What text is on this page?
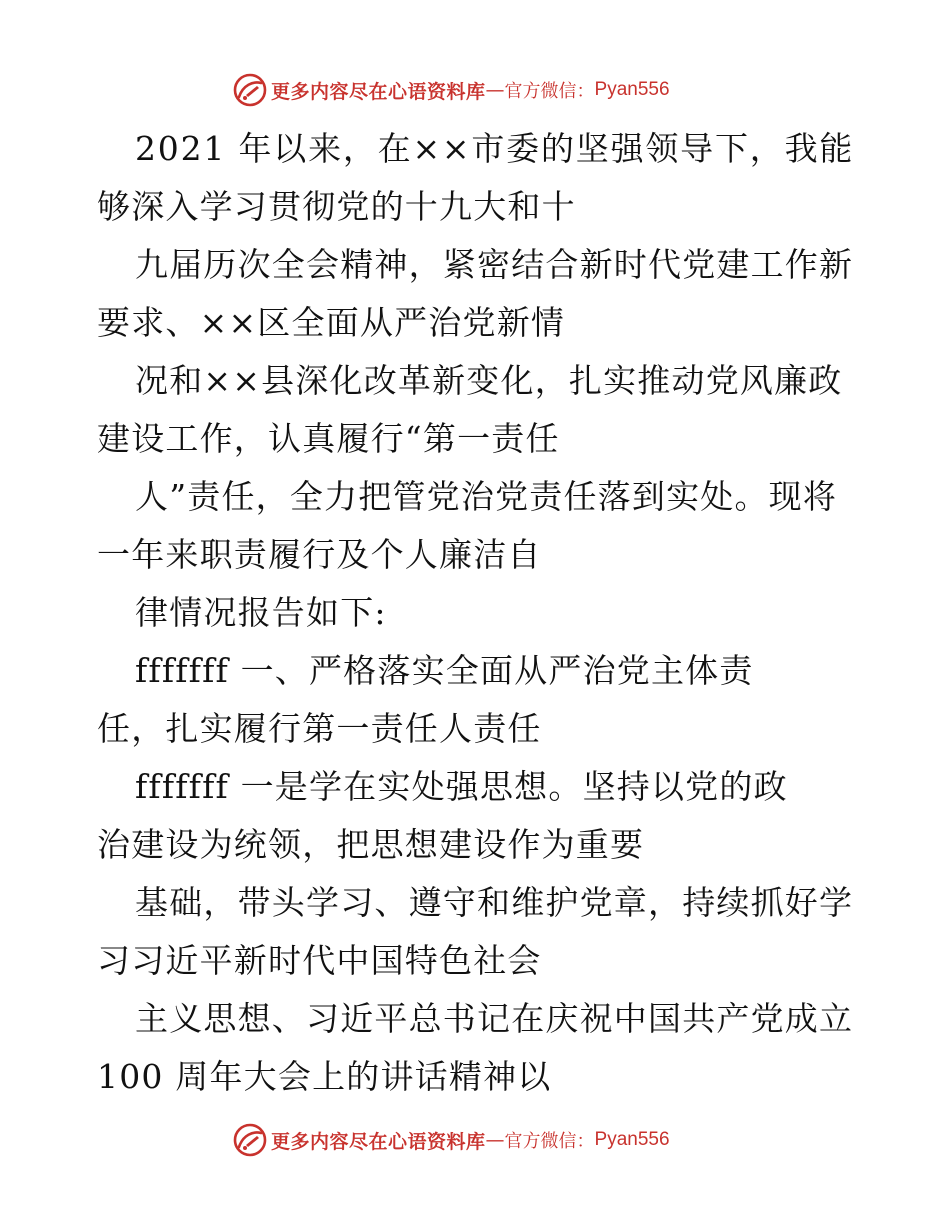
更多内容尽在心语资料库 — 官方微信： Pyan556
2021 年以来，在××市委的坚强领导下，我能
够深入学习贯彻党的十九大和十
九届历次全会精神，紧密结合新时代党建工作新
要求、××区全面从严治党新情
况和××县深化改革新变化，扎实推动党风廉政
建设工作，认真履行“第一责任
人”责任，全力把管党治党责任落到实处。现将
一年来职责履行及个人廉洁自
律情况报告如下:
fffffff 一、严格落实全面从严治党主体责
任，扎实履行第一责任人责任
fffffff 一是学在实处强思想。坚持以党的政
治建设为统领，把思想建设作为重要
基础，带头学习、遵守和维护党章，持续抓好学
习习近平新时代中国特色社会
主义思想、习近平总书记在庆祝中国共产党成立
100 周年大会上的讲话精神以
更多内容尽在心语资料库 — 官方微信： Pyan556
